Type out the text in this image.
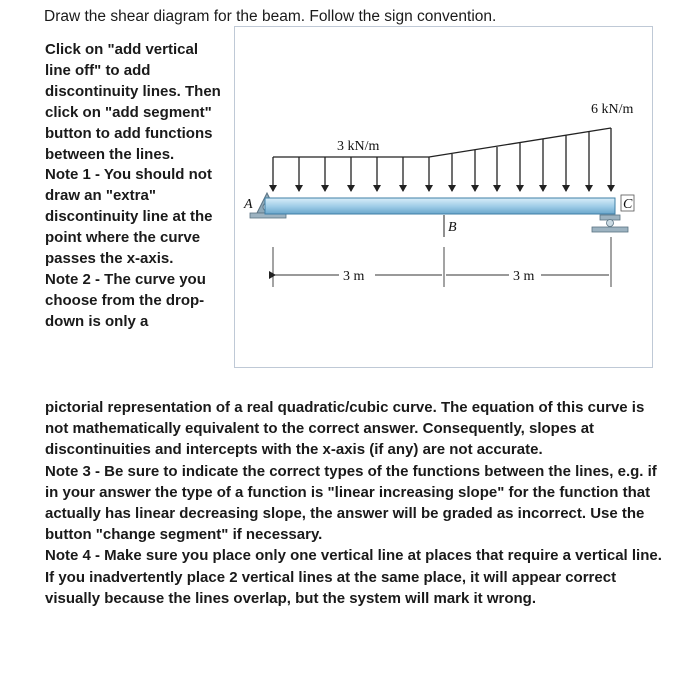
Draw the shear diagram for the beam. Follow the sign convention.
3 kN/m
6 kN/m
A
B
C
3 m	3 m

Click on "add vertical line off" to add discontinuity lines. Then click on "add segment" button to add functions between the lines.

Note 1 - You should not draw an "extra" discontinuity line at the point where the curve passes the x-axis.

Note 2 - The curve you choose from the drop-down is only a

pictorial representation of a real quadratic/cubic curve. The equation of this curve is not mathematically equivalent to the correct answer. Consequently, slopes at discontinuities and intercepts with the x-axis (if any) are not accurate.

Note 3 - Be sure to indicate the correct types of the functions between the lines, e.g. if in your answer the type of a function is "linear increasing slope" for the function that actually has linear decreasing slope, the answer will be graded as incorrect. Use the button "change segment" if necessary.

Note 4 - Make sure you place only one vertical line at places that require a vertical line. If you inadvertently place 2 vertical lines at the same place, it will appear correct visually because the lines overlap, but the system will mark it wrong.
